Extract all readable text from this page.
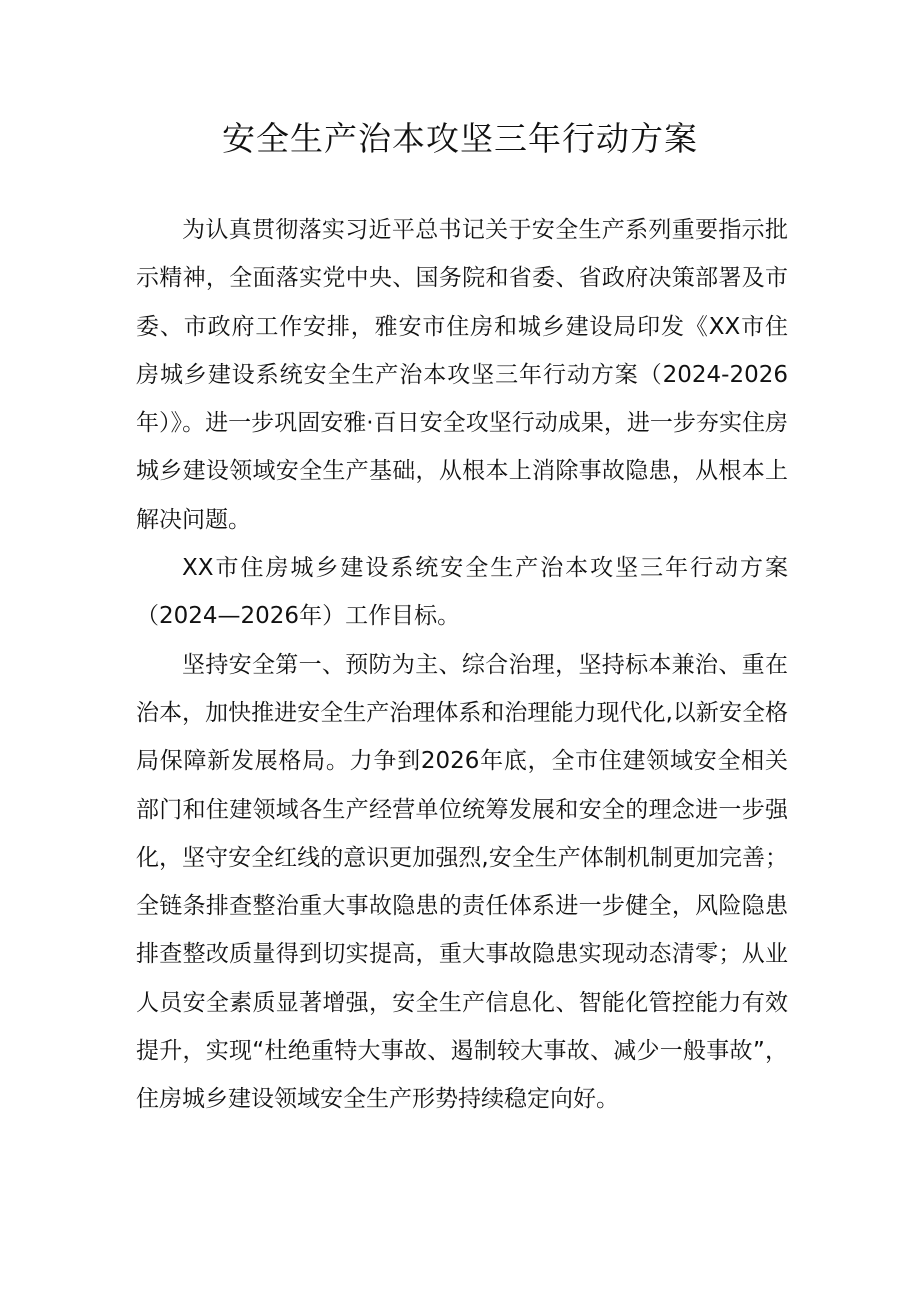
安全生产治本攻坚三年行动方案

为认真贯彻落实习近平总书记关于安全生产系列重要指示批示精神，全面落实党中央、国务院和省委、省政府决策部署及市委、市政府工作安排，雅安市住房和城乡建设局印发《XX市住房城乡建设系统安全生产治本攻坚三年行动方案（2024-2026年）》。进一步巩固安雅·百日安全攻坚行动成果，进一步夯实住房城乡建设领域安全生产基础，从根本上消除事故隐患，从根本上解决问题。

XX市住房城乡建设系统安全生产治本攻坚三年行动方案（2024—2026年）工作目标。

坚持安全第一、预防为主、综合治理，坚持标本兼治、重在治本，加快推进安全生产治理体系和治理能力现代化,以新安全格局保障新发展格局。力争到2026年底，全市住建领域安全相关部门和住建领域各生产经营单位统筹发展和安全的理念进一步强化，坚守安全红线的意识更加强烈,安全生产体制机制更加完善；全链条排查整治重大事故隐患的责任体系进一步健全，风险隐患排查整改质量得到切实提高，重大事故隐患实现动态清零；从业人员安全素质显著增强，安全生产信息化、智能化管控能力有效提升，实现“杜绝重特大事故、遏制较大事故、减少一般事故”，住房城乡建设领域安全生产形势持续稳定向好。
